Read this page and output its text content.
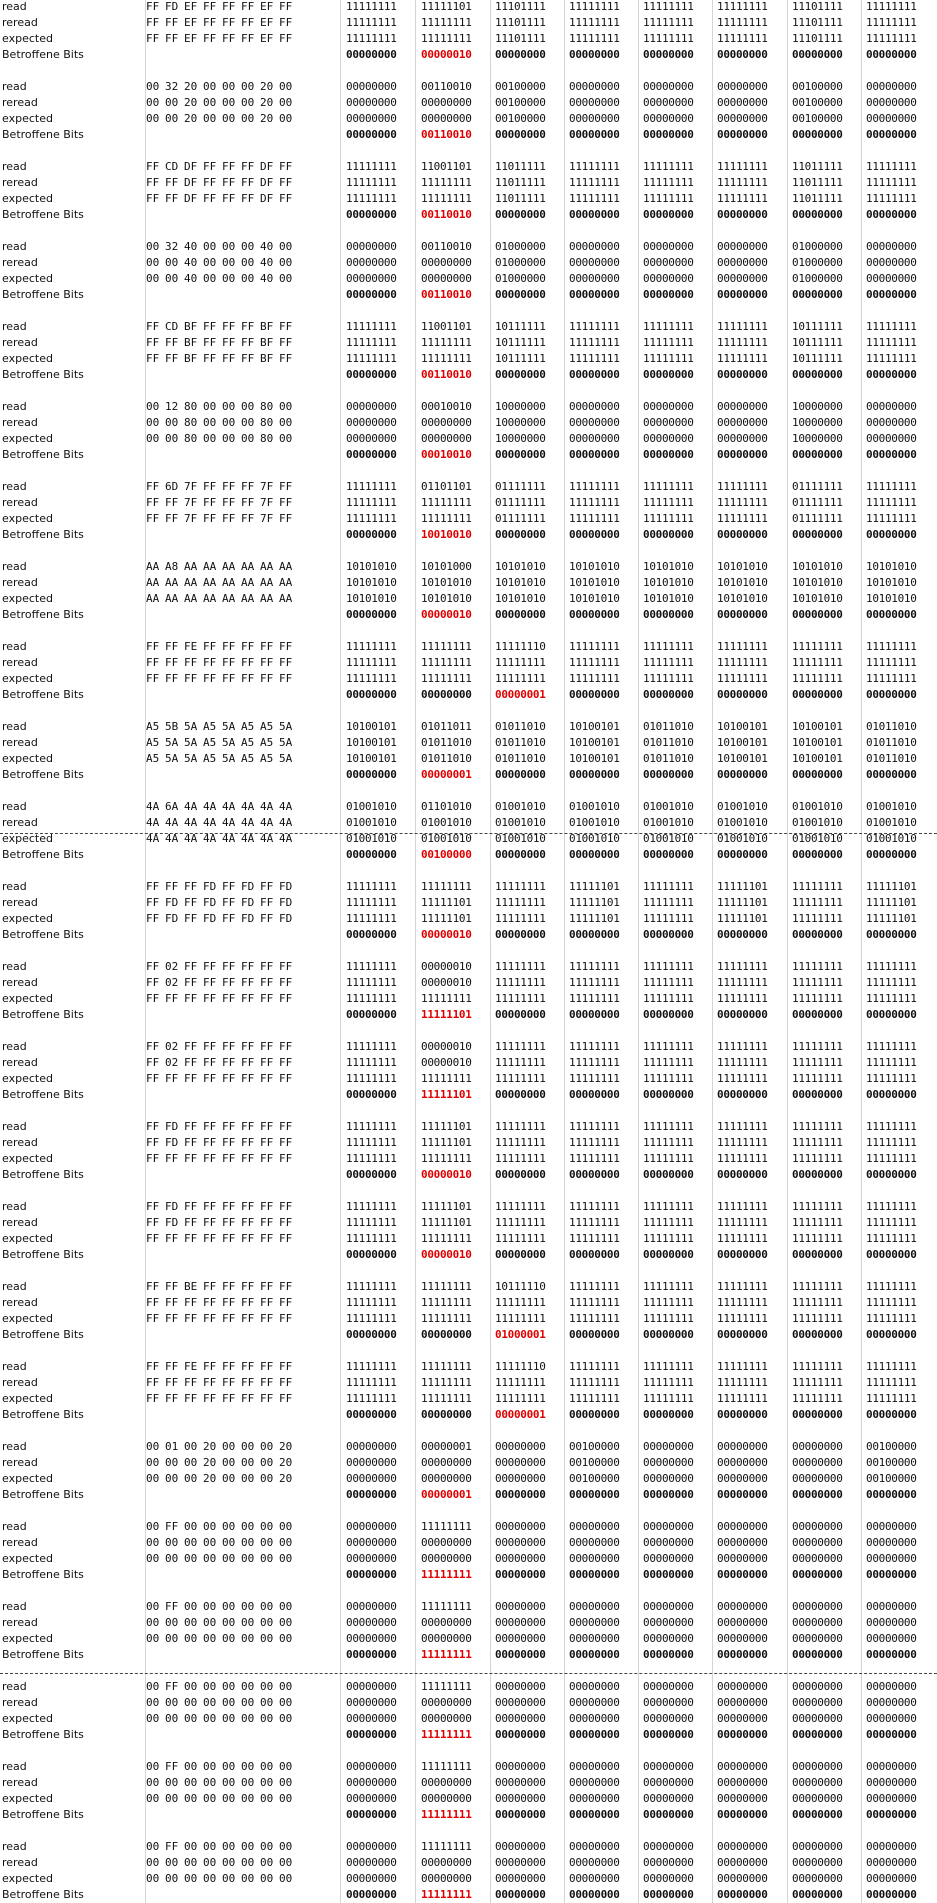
read	FF FD EF FF FF FF EF FF	11111111 11111101 11101111 11111111 11111111 11111111 11101111 11111111
reread	FF FF EF FF FF FF EF FF	11111111 11111111 11101111 11111111 11111111 11111111 11101111 11111111
expected	FF FF EF FF FF FF EF FF	11111111 11111111 11101111 11111111 11111111 11111111 11101111 11111111
Betroffene Bits	00000000 00000010 00000000 00000000 00000000 00000000 00000000 00000000
read	00 32 20 00 00 00 20 00	00000000 00110010 00100000 00000000 00000000 00000000 00100000 00000000
reread	00 00 20 00 00 00 20 00	00000000 00000000 00100000 00000000 00000000 00000000 00100000 00000000
expected	00 00 20 00 00 00 20 00	00000000 00000000 00100000 00000000 00000000 00000000 00100000 00000000
Betroffene Bits	00000000 00110010 00000000 00000000 00000000 00000000 00000000 00000000
read	FF CD DF FF FF FF DF FF	11111111 11001101 11011111 11111111 11111111 11111111 11011111 11111111
reread	FF FF DF FF FF FF DF FF	11111111 11111111 11011111 11111111 11111111 11111111 11011111 11111111
expected	FF FF DF FF FF FF DF FF	11111111 11111111 11011111 11111111 11111111 11111111 11011111 11111111
Betroffene Bits	00000000 00110010 00000000 00000000 00000000 00000000 00000000 00000000
read	00 32 40 00 00 00 40 00	00000000 00110010 01000000 00000000 00000000 00000000 01000000 00000000
reread	00 00 40 00 00 00 40 00	00000000 00000000 01000000 00000000 00000000 00000000 01000000 00000000
expected	00 00 40 00 00 00 40 00	00000000 00000000 01000000 00000000 00000000 00000000 01000000 00000000
Betroffene Bits	00000000 00110010 00000000 00000000 00000000 00000000 00000000 00000000
read	FF CD BF FF FF FF BF FF	11111111 11001101 10111111 11111111 11111111 11111111 10111111 11111111
reread	FF FF BF FF FF FF BF FF	11111111 11111111 10111111 11111111 11111111 11111111 10111111 11111111
expected	FF FF BF FF FF FF BF FF	11111111 11111111 10111111 11111111 11111111 11111111 10111111 11111111
Betroffene Bits	00000000 00110010 00000000 00000000 00000000 00000000 00000000 00000000
read	00 12 80 00 00 00 80 00	00000000 00010010 10000000 00000000 00000000 00000000 10000000 00000000
reread	00 00 80 00 00 00 80 00	00000000 00000000 10000000 00000000 00000000 00000000 10000000 00000000
expected	00 00 80 00 00 00 80 00	00000000 00000000 10000000 00000000 00000000 00000000 10000000 00000000
Betroffene Bits	00000000 00010010 00000000 00000000 00000000 00000000 00000000 00000000
read	FF 6D 7F FF FF FF 7F FF	11111111 01101101 01111111 11111111 11111111 11111111 01111111 11111111
reread	FF FF 7F FF FF FF 7F FF	11111111 11111111 01111111 11111111 11111111 11111111 01111111 11111111
expected	FF FF 7F FF FF FF 7F FF	11111111 11111111 01111111 11111111 11111111 11111111 01111111 11111111
Betroffene Bits	00000000 10010010 00000000 00000000 00000000 00000000 00000000 00000000
read	AA A8 AA AA AA AA AA AA	10101010 10101000 10101010 10101010 10101010 10101010 10101010 10101010
reread	AA AA AA AA AA AA AA AA	10101010 10101010 10101010 10101010 10101010 10101010 10101010 10101010
expected	AA AA AA AA AA AA AA AA	10101010 10101010 10101010 10101010 10101010 10101010 10101010 10101010
Betroffene Bits	00000000 00000010 00000000 00000000 00000000 00000000 00000000 00000000
read	FF FF FE FF FF FF FF FF	11111111 11111111 11111110 11111111 11111111 11111111 11111111 11111111
reread	FF FF FF FF FF FF FF FF	11111111 11111111 11111111 11111111 11111111 11111111 11111111 11111111
expected	FF FF FF FF FF FF FF FF	11111111 11111111 11111111 11111111 11111111 11111111 11111111 11111111
Betroffene Bits	00000000 00000000 00000001 00000000 00000000 00000000 00000000 00000000
read	A5 5B 5A A5 5A A5 A5 5A	10100101 01011011 01011010 10100101 01011010 10100101 10100101 01011010
reread	A5 5A 5A A5 5A A5 A5 5A	10100101 01011010 01011010 10100101 01011010 10100101 10100101 01011010
expected	A5 5A 5A A5 5A A5 A5 5A	10100101 01011010 01011010 10100101 01011010 10100101 10100101 01011010
Betroffene Bits	00000000 00000001 00000000 00000000 00000000 00000000 00000000 00000000
read	4A 6A 4A 4A 4A 4A 4A 4A	01001010 01101010 01001010 01001010 01001010 01001010 01001010 01001010
reread	4A 4A 4A 4A 4A 4A 4A 4A	01001010 01001010 01001010 01001010 01001010 01001010 01001010 01001010
expected	4A 4A 4A 4A 4A 4A 4A 4A	01001010 01001010 01001010 01001010 01001010 01001010 01001010 01001010
Betroffene Bits	00000000 00100000 00000000 00000000 00000000 00000000 00000000 00000000
read	FF FF FF FD FF FD FF FD	11111111 11111111 11111111 11111101 11111111 11111101 11111111 11111101
reread	FF FD FF FD FF FD FF FD	11111111 11111101 11111111 11111101 11111111 11111101 11111111 11111101
expected	FF FD FF FD FF FD FF FD	11111111 11111101 11111111 11111101 11111111 11111101 11111111 11111101
Betroffene Bits	00000000 00000010 00000000 00000000 00000000 00000000 00000000 00000000
read	FF 02 FF FF FF FF FF FF	11111111 00000010 11111111 11111111 11111111 11111111 11111111 11111111
reread	FF 02 FF FF FF FF FF FF	11111111 00000010 11111111 11111111 11111111 11111111 11111111 11111111
expected	FF FF FF FF FF FF FF FF	11111111 11111111 11111111 11111111 11111111 11111111 11111111 11111111
Betroffene Bits	00000000 11111101 00000000 00000000 00000000 00000000 00000000 00000000
read	FF 02 FF FF FF FF FF FF	11111111 00000010 11111111 11111111 11111111 11111111 11111111 11111111
reread	FF 02 FF FF FF FF FF FF	11111111 00000010 11111111 11111111 11111111 11111111 11111111 11111111
expected	FF FF FF FF FF FF FF FF	11111111 11111111 11111111 11111111 11111111 11111111 11111111 11111111
Betroffene Bits	00000000 11111101 00000000 00000000 00000000 00000000 00000000 00000000
read	FF FD FF FF FF FF FF FF	11111111 11111101 11111111 11111111 11111111 11111111 11111111 11111111
reread	FF FD FF FF FF FF FF FF	11111111 11111101 11111111 11111111 11111111 11111111 11111111 11111111
expected	FF FF FF FF FF FF FF FF	11111111 11111111 11111111 11111111 11111111 11111111 11111111 11111111
Betroffene Bits	00000000 00000010 00000000 00000000 00000000 00000000 00000000 00000000
read	FF FD FF FF FF FF FF FF	11111111 11111101 11111111 11111111 11111111 11111111 11111111 11111111
reread	FF FD FF FF FF FF FF FF	11111111 11111101 11111111 11111111 11111111 11111111 11111111 11111111
expected	FF FF FF FF FF FF FF FF	11111111 11111111 11111111 11111111 11111111 11111111 11111111 11111111
Betroffene Bits	00000000 00000010 00000000 00000000 00000000 00000000 00000000 00000000
read	FF FF BE FF FF FF FF FF	11111111 11111111 10111110 11111111 11111111 11111111 11111111 11111111
reread	FF FF FF FF FF FF FF FF	11111111 11111111 11111111 11111111 11111111 11111111 11111111 11111111
expected	FF FF FF FF FF FF FF FF	11111111 11111111 11111111 11111111 11111111 11111111 11111111 11111111
Betroffene Bits	00000000 00000000 01000001 00000000 00000000 00000000 00000000 00000000
read	FF FF FE FF FF FF FF FF	11111111 11111111 11111110 11111111 11111111 11111111 11111111 11111111
reread	FF FF FF FF FF FF FF FF	11111111 11111111 11111111 11111111 11111111 11111111 11111111 11111111
expected	FF FF FF FF FF FF FF FF	11111111 11111111 11111111 11111111 11111111 11111111 11111111 11111111
Betroffene Bits	00000000 00000000 00000001 00000000 00000000 00000000 00000000 00000000
read	00 01 00 20 00 00 00 20	00000000 00000001 00000000 00100000 00000000 00000000 00000000 00100000
reread	00 00 00 20 00 00 00 20	00000000 00000000 00000000 00100000 00000000 00000000 00000000 00100000
expected	00 00 00 20 00 00 00 20	00000000 00000000 00000000 00100000 00000000 00000000 00000000 00100000
Betroffene Bits	00000000 00000001 00000000 00000000 00000000 00000000 00000000 00000000
read	00 FF 00 00 00 00 00 00	00000000 11111111 00000000 00000000 00000000 00000000 00000000 00000000
reread	00 00 00 00 00 00 00 00	00000000 00000000 00000000 00000000 00000000 00000000 00000000 00000000
expected	00 00 00 00 00 00 00 00	00000000 00000000 00000000 00000000 00000000 00000000 00000000 00000000
Betroffene Bits	00000000 11111111 00000000 00000000 00000000 00000000 00000000 00000000
read	00 FF 00 00 00 00 00 00	00000000 11111111 00000000 00000000 00000000 00000000 00000000 00000000
reread	00 00 00 00 00 00 00 00	00000000 00000000 00000000 00000000 00000000 00000000 00000000 00000000
expected	00 00 00 00 00 00 00 00	00000000 00000000 00000000 00000000 00000000 00000000 00000000 00000000
Betroffene Bits	00000000 11111111 00000000 00000000 00000000 00000000 00000000 00000000
read	00 FF 00 00 00 00 00 00	00000000 11111111 00000000 00000000 00000000 00000000 00000000 00000000
reread	00 00 00 00 00 00 00 00	00000000 00000000 00000000 00000000 00000000 00000000 00000000 00000000
expected	00 00 00 00 00 00 00 00	00000000 00000000 00000000 00000000 00000000 00000000 00000000 00000000
Betroffene Bits	00000000 11111111 00000000 00000000 00000000 00000000 00000000 00000000
read	00 FF 00 00 00 00 00 00	00000000 11111111 00000000 00000000 00000000 00000000 00000000 00000000
reread	00 00 00 00 00 00 00 00	00000000 00000000 00000000 00000000 00000000 00000000 00000000 00000000
expected	00 00 00 00 00 00 00 00	00000000 00000000 00000000 00000000 00000000 00000000 00000000 00000000
Betroffene Bits	00000000 11111111 00000000 00000000 00000000 00000000 00000000 00000000
read	00 FF 00 00 00 00 00 00	00000000 11111111 00000000 00000000 00000000 00000000 00000000 00000000
reread	00 00 00 00 00 00 00 00	00000000 00000000 00000000 00000000 00000000 00000000 00000000 00000000
expected	00 00 00 00 00 00 00 00	00000000 00000000 00000000 00000000 00000000 00000000 00000000 00000000
Betroffene Bits	00000000 11111111 00000000 00000000 00000000 00000000 00000000 00000000
